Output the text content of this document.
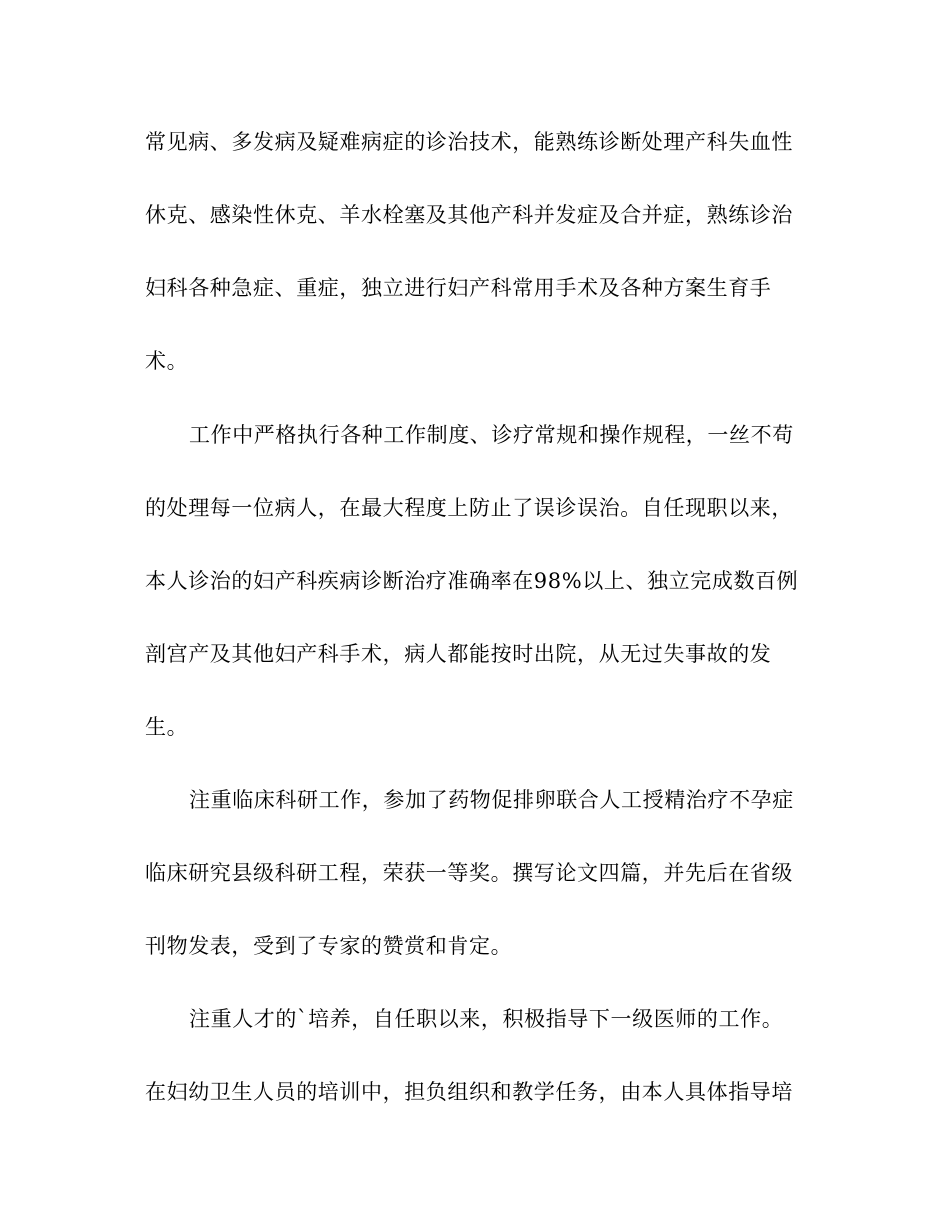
常见病、多发病及疑难病症的诊治技术，能熟练诊断处理产科失血性
休克、感染性休克、羊水栓塞及其他产科并发症及合并症，熟练诊治
妇科各种急症、重症，独立进行妇产科常用手术及各种方案生育手
术。
工作中严格执行各种工作制度、诊疗常规和操作规程，一丝不苟
的处理每一位病人，在最大程度上防止了误诊误治。自任现职以来，
本人诊治的妇产科疾病诊断治疗准确率在98%以上、独立完成数百例
剖宫产及其他妇产科手术，病人都能按时出院，从无过失事故的发
生。
注重临床科研工作，参加了药物促排卵联合人工授精治疗不孕症
临床研究县级科研工程，荣获一等奖。撰写论文四篇，并先后在省级
刊物发表，受到了专家的赞赏和肯定。
注重人才的`培养，自任职以来，积极指导下一级医师的工作。
在妇幼卫生人员的培训中，担负组织和教学任务，由本人具体指导培
